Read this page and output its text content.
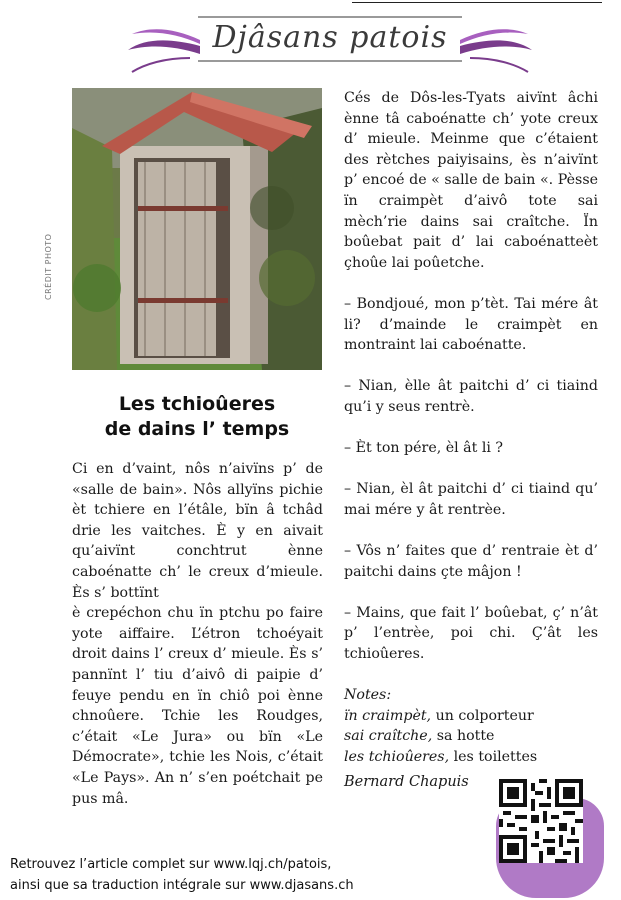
Djâsans patois
CRÉDIT PHOTO
Les tchioûeres
de dains l’ temps

Ci en d’vaint, nôs n’aivïns p’ de «salle de bain». Nôs allyïns pichie èt tchiere en l’étâle, bïn â tchâd drie les vaitches. È y en aivait qu’aivïnt conchtrut ènne caboénatte ch’ le creux d’mieule. Ès s’ bottïnt

è crepéchon chu ïn ptchu po faire yote aiffaire. L’étron tchoéyait droit dains l’ creux d’ mieule. Ès s’ pannïnt l’ tiu d’aivô di paipie d’ feuye pendu en ïn chiô poi ènne chnoûere. Tchie les Roudges, c’était «Le Jura» ou bïn «Le Démocrate», tchie les Nois, c’était «Le Pays». An n’ s’en poétchait pe pus mâ.

Cés de Dôs-les-Tyats aivïnt âchi ènne tâ caboénatte ch’ yote creux d’ mieule. Meinme que c’étaient des rètches paiyisains, ès n’aivïnt p’ encoé de « salle de bain «. Pèsse ïn craimpèt d’aivô tote sai mèch’rie dains sai craîtche. Ïn boûebat pait d’ lai caboénatteèt çhoûe lai poûetche.

– Bondjoué, mon p’tèt. Tai mére ât li? d’mainde le craimpèt en montraint lai caboénatte.

– Nian, èlle ât paitchi d’ ci tiaind qu’i y seus rentrè.

– Èt ton pére, èl ât li ?

– Nian, èl ât paitchi d’ ci tiaind qu’ mai mére y ât rentrèe.

– Vôs n’ faites que d’ rentraie èt d’ paitchi dains çte mâjon !

– Mains, que fait l’ boûebat, ç’ n’ât p’ l’entrèe, poi chi. Ç’ât les tchioûeres.

Notes:

ïn craimpèt, un colporteur

sai craîtche, sa hotte

les tchioûeres, les toilettes

Bernard Chapuis
Retrouvez l’article complet sur www.lqj.ch/patois,
ainsi que sa traduction intégrale sur www.djasans.ch
